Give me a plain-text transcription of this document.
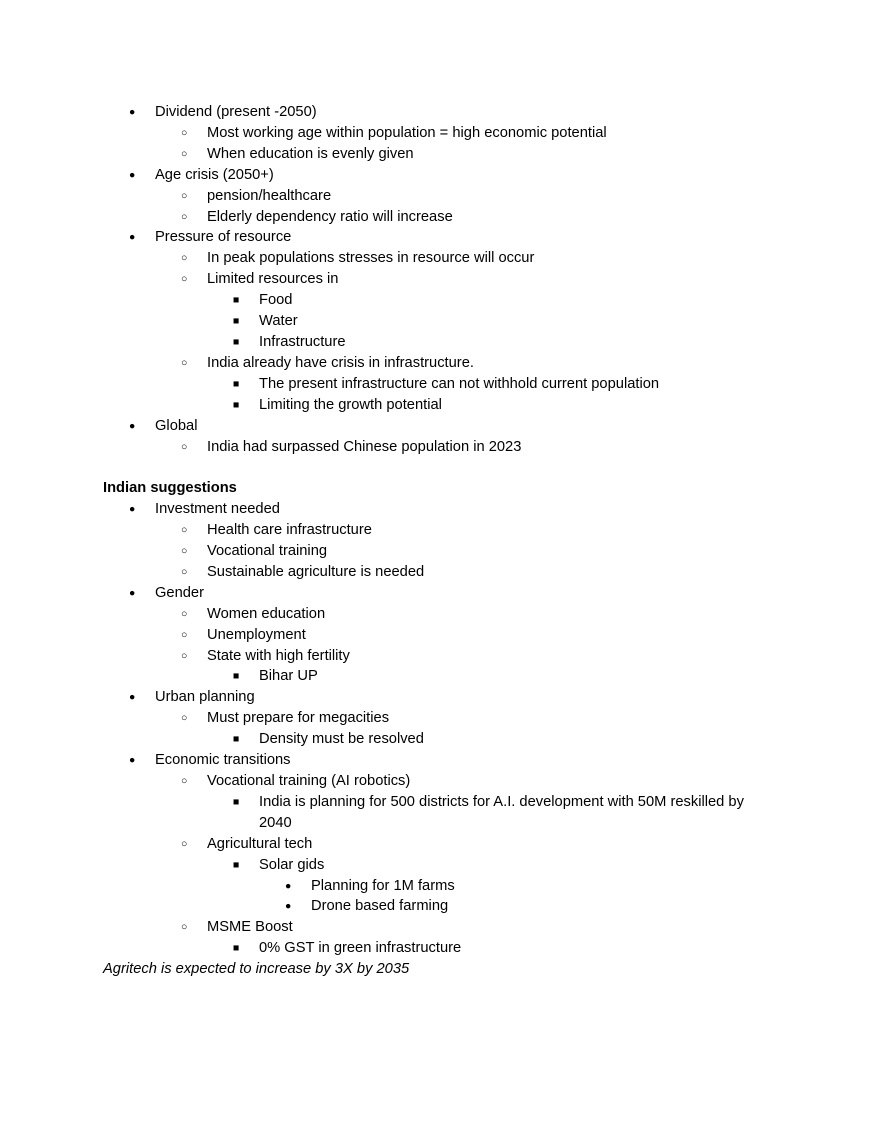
●	Dividend (present -2050)
○	Most working age within population = high economic potential
○	When education is evenly given
●	Age crisis (2050+)
○	pension/healthcare
○	Elderly dependency ratio will increase
●	Pressure of resource
○	In peak populations stresses in resource will occur
○	Limited resources in
■	Food
■	Water
■	Infrastructure
○	India already have crisis in infrastructure.
■	The present infrastructure can not withhold current population
■	Limiting the growth potential
●	Global
○	India had surpassed Chinese population in 2023
Indian suggestions
●	Investment needed
○	Health care infrastructure
○	Vocational training
○	Sustainable agriculture is needed
●	Gender
○	Women education
○	Unemployment
○	State with high fertility
■	Bihar UP
●	Urban planning
○	Must prepare for megacities
■	Density must be resolved
●	Economic transitions
○	Vocational training (AI robotics)
■	India is planning for 500 districts for A.I. development with 50M reskilled by 2040
○	Agricultural tech
■	Solar gids
●	Planning for 1M farms
●	Drone based farming
○	MSME Boost
■	0% GST in green infrastructure
Agritech is expected to increase by 3X by 2035
